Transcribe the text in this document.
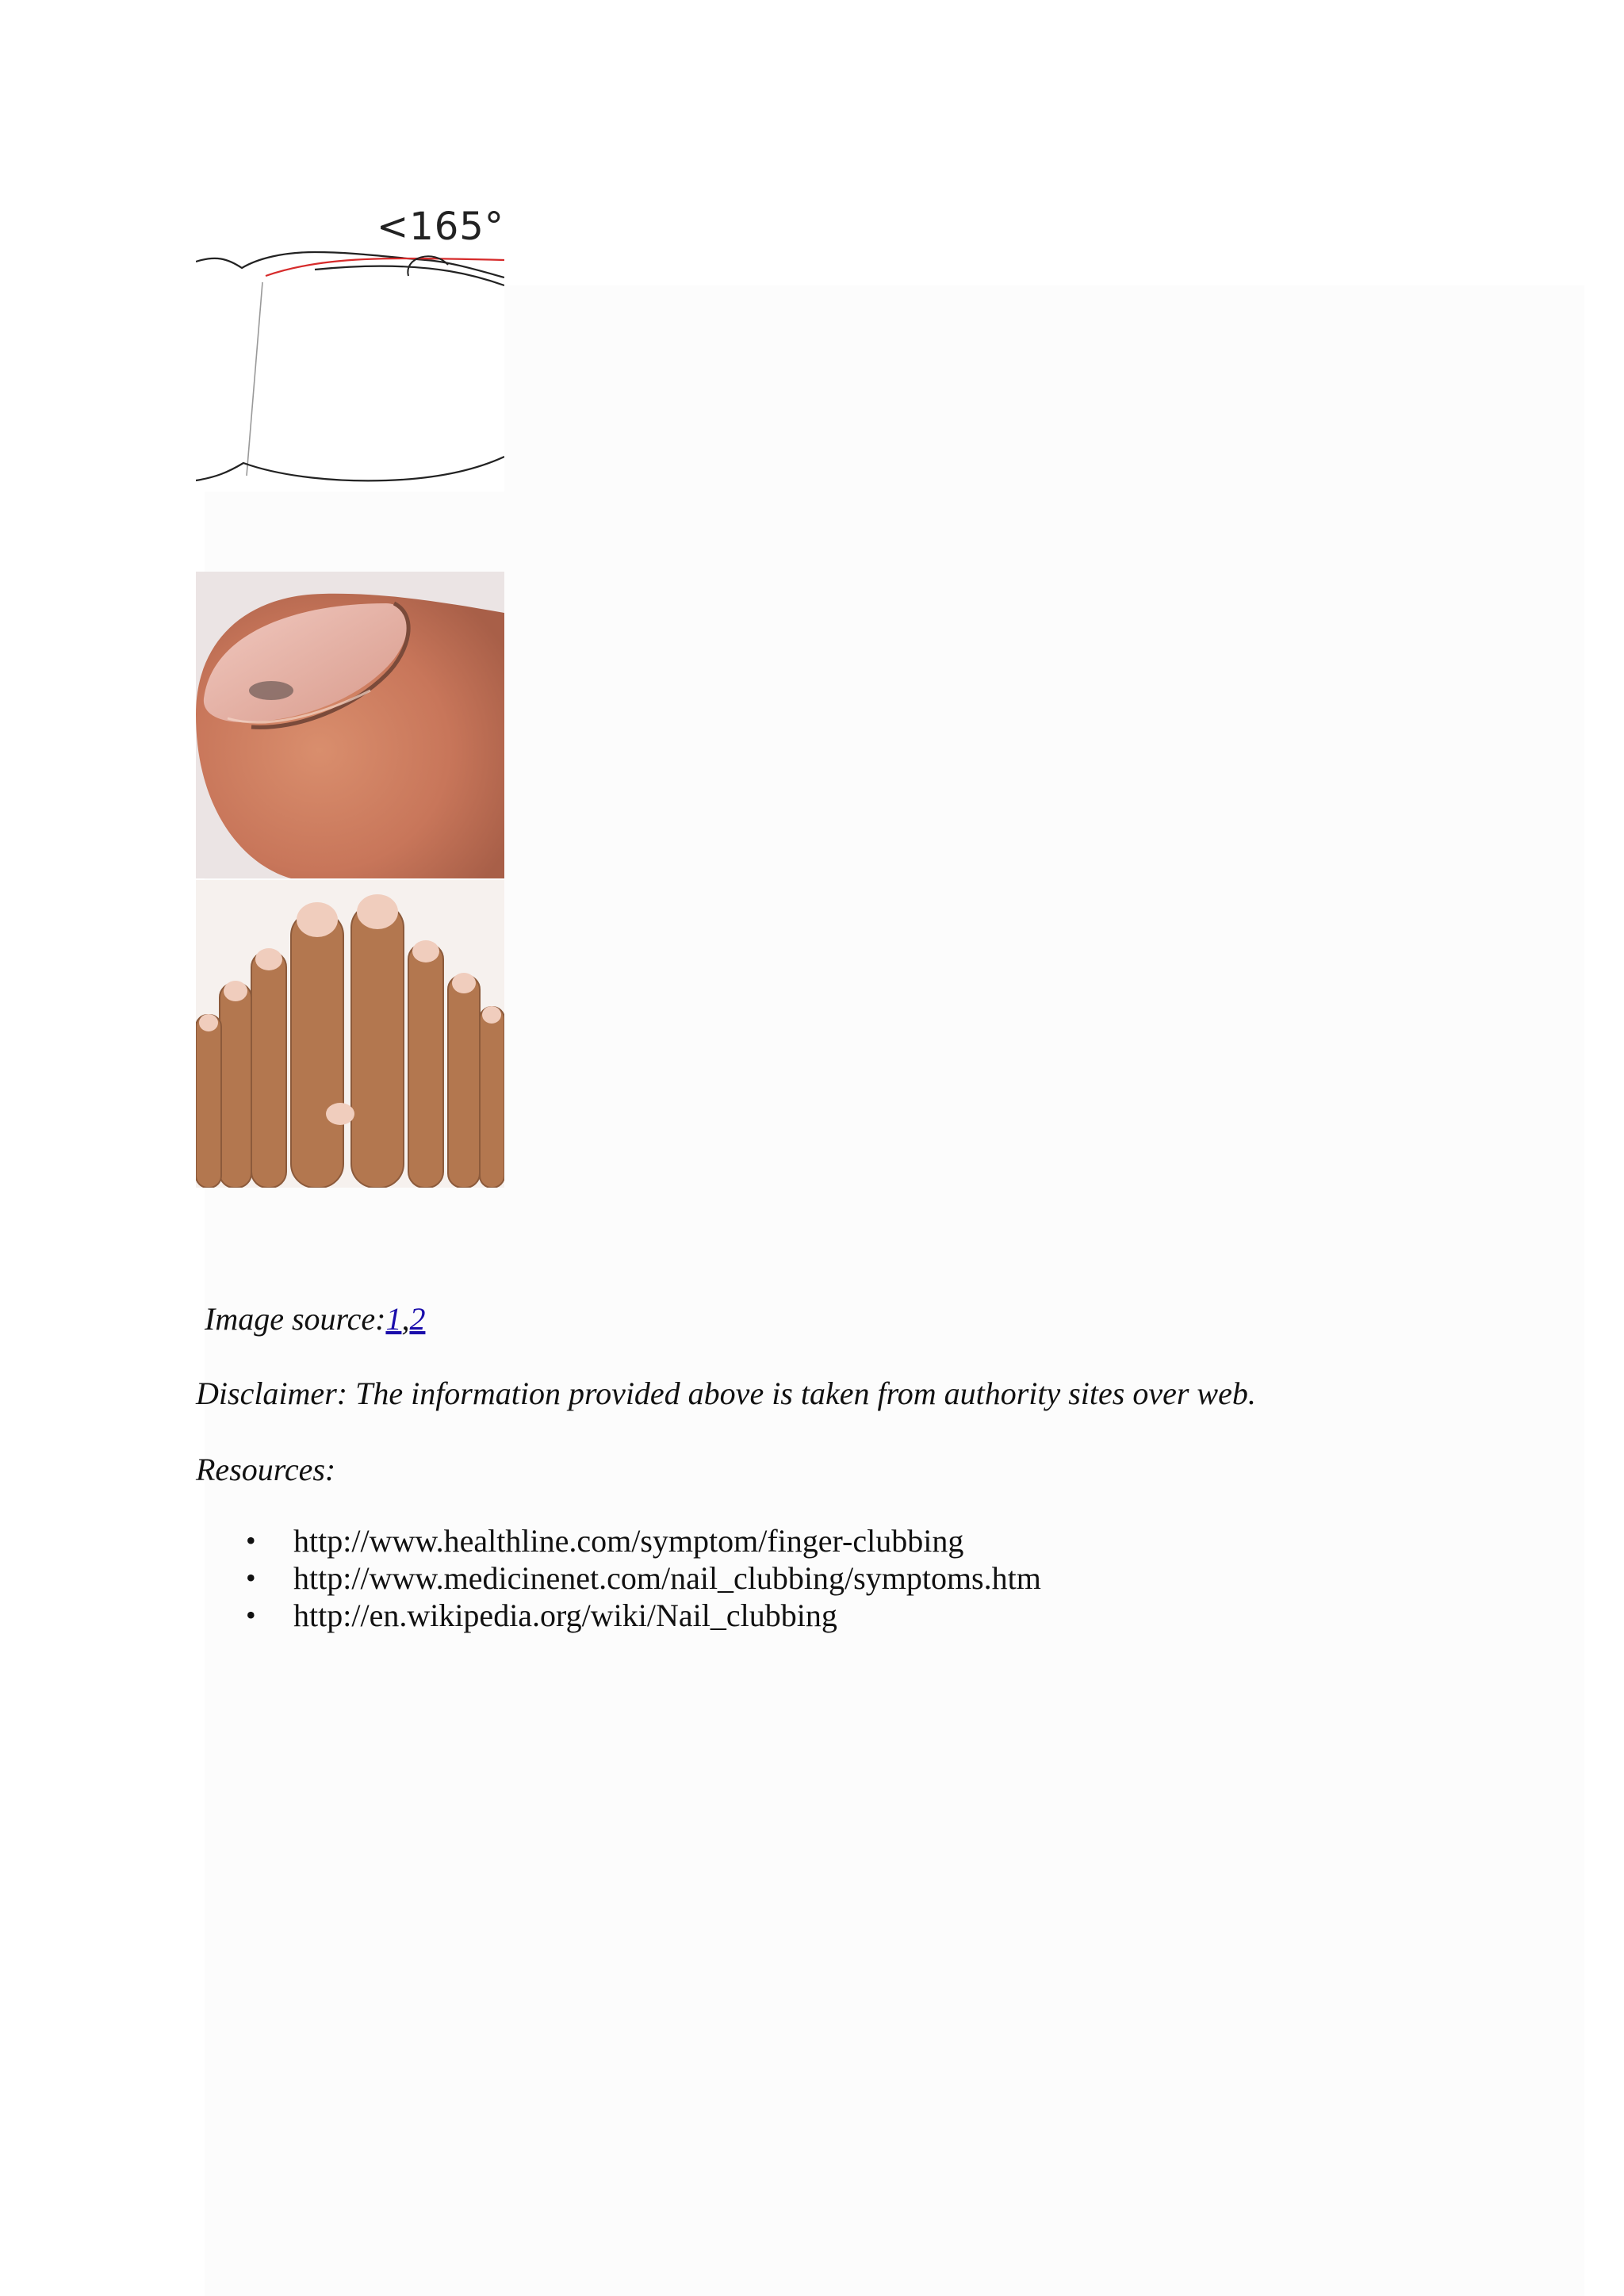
<165°
Image source:1,2
Disclaimer: The information provided above is taken from authority sites over web.
Resources:
• http://www.healthline.com/symptom/finger-clubbing
• http://www.medicinenet.com/nail_clubbing/symptoms.htm
• http://en.wikipedia.org/wiki/Nail_clubbing
